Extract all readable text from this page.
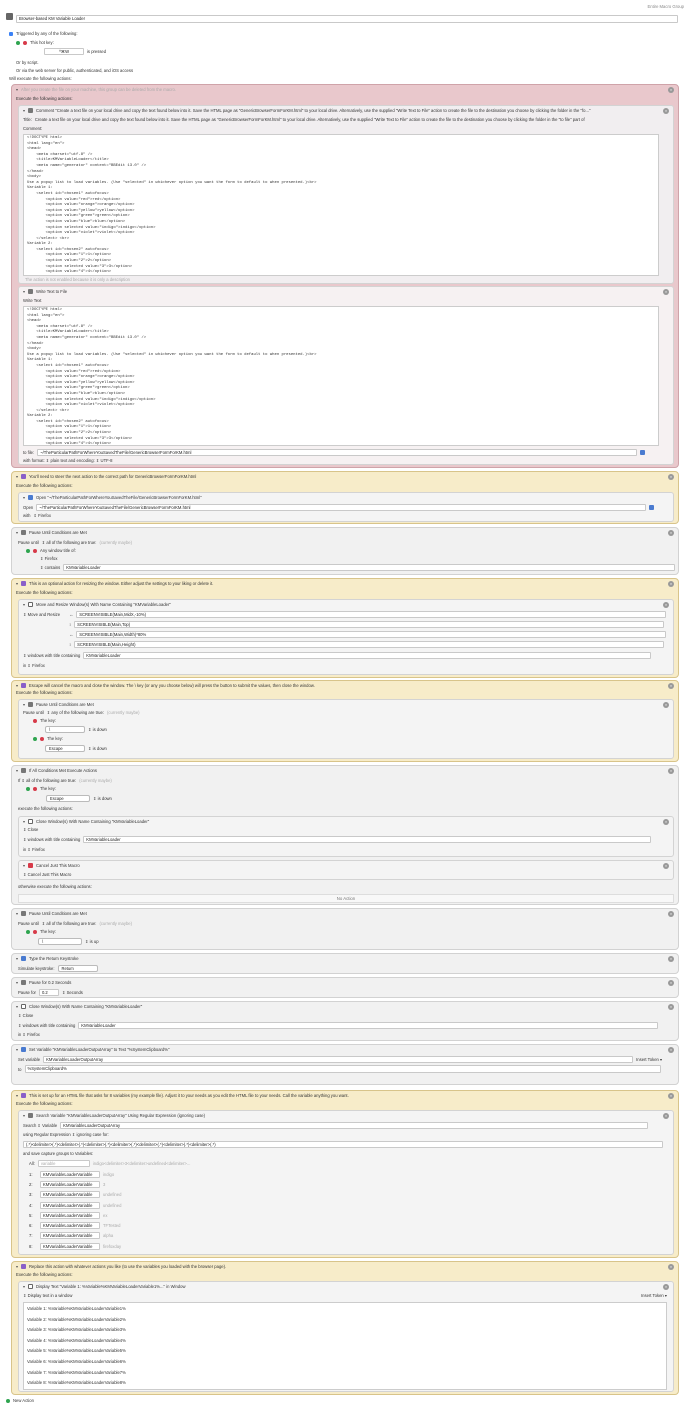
Entire Macro Group
Browser-based KM Variable Loader
Triggered by any of the following:
This hot key:
^⌘W	is pressed
Or by script.
Or via the web server for public, authenticated, and iOS access
Will execute the following actions:
▾ After you create the file on your machine, this group can be deleted from the macro.	×
Execute the following actions:
▾	Comment "Create a text file on your local drive and copy the text found below into it. Save the HTML page as "GenericBrowserFormForKM.html" to your local drive. Alternatively, use the supplied "Write Text to File" action to create the file to the destination you choose by clicking the folder in the "fo..."	×
Title: Create a text file on your local drive and copy the text found below into it. Save the HTML page as "GenericBrowserFormForKM.html" to your local drive. Alternatively, use the supplied "Write Text to File" action to create the file to the destination you choose by clicking the folder in the "to file" part of
Comment:
<!DOCTYPE html>
<html lang="en">
<head>
<meta charset="utf-8" />
<title>KMVariableLoader</title>
<meta name="generator" content="BBEdit 13.0" />
</head>
<body>
Use a popup list to load variables. (Use "selected" in whichever option you want the form to default to when presented.)<br>
Variable 1:
<select id="chosen1" autofocus>
<option value="red">red</option>
<option value="orange">orange</option>
<option value="yellow">yellow</option>
<option value="green">green</option>
<option value="blue">blue</option>
<option selected value="indigo">indigo</option>
<option value="violet">violet</option>
</select> <br>
Variable 2:
<select id="chosen2" autofocus>
<option value="1">1</option>
<option value="2">2</option>
<option selected value="3">3</option>
<option value="4">4</option>
The action is not enabled because it is only a description
▾	Write Text to File	×
Write Text
<!DOCTYPE html>
<html lang="en">
<head>
<meta charset="utf-8" />
<title>KMVariableLoader</title>
<meta name="generator" content="BBEdit 13.0" />
</head>
<body>
Use a popup list to load variables. (Use "selected" in whichever option you want the form to default to when presented.)<br>
Variable 1:
<select id="chosen1" autofocus>
<option value="red">red</option>
<option value="orange">orange</option>
<option value="yellow">yellow</option>
<option value="green">green</option>
<option value="blue">blue</option>
<option selected value="indigo">indigo</option>
<option value="violet">violet</option>
</select> <br>
Variable 2:
<select id="chosen2" autofocus>
<option value="1">1</option>
<option value="2">2</option>
<option selected value="3">3</option>
<option value="4">4</option>
to file:	~/TheParticularPathForWhereYouSavedTheFile/GenericBrowserFormForKM.html
with format: ⇕ plain text and encoding: ⇕ UTF-8
▾	You'll need to steer the next action to the correct path for GenericBrowserFormForKM.html	×
Execute the following actions:
▾	Open "~/TheParticularPathForWhereYouSavedTheFile/GenericBrowserFormForKM.html"
Open	~/TheParticularPathForWhereYouSavedTheFile/GenericBrowserFormForKM.html
with ⇕ Firefox
▾	Pause Until Conditions are Met	×
Pause until ⇕ all of the following are true: (currently maybe)
Any window title of:
⇕ Firefox
⇕ contains	KMVariableLoader
▾	This is an optional action for resizing the window. Either adjust the settings to your liking or delete it.	×
Execute the following actions:
▾	Move and Resize Window(s) With Name Containing "KMVariableLoader"	×
⇕ Move and Resize ↔	SCREENVISIBLE(Main,MidX,-10%)
↕	SCREENVISIBLE(Main,Top)
↔	SCREENVISIBLE(Main,Width)*80%
↕	SCREENVISIBLE(Main,Height)
⇕ windows with title containing	KMVariableLoader
in ⇕ Firefox
▾	Escape will cancel the macro and close the window. The \ key (or any you choose below) will press the button to submit the values, then close the window.	×
Execute the following actions:
▾	Pause Until Conditions are Met	×
Pause until ⇕ any of the following are true: (currently maybe)
The key:
\	⇕ is down
The key:
Escape	⇕ is down
▾	If All Conditions Met Execute Actions	×
If ⇕ all of the following are true: (currently maybe)
The key:
Escape	⇕ is down
execute the following actions:
▾	Close Window(s) With Name Containing "KMVariableLoader"	×
⇕ Close
⇕ windows with title containing	KMVariableLoader
in ⇕ Firefox
▾	Cancel Just This Macro	×
⇕ Cancel Just This Macro
otherwise execute the following actions:
No Action
▾	Pause Until Conditions are Met	×
Pause until ⇕ all of the following are true: (currently maybe)
The key:
\	⇕ is up
▾	Type the Return Keystroke	×
Simulate keystroke:	Return
▾	Pause for 0.2 Seconds	×
Pause for	0.2	⇕ Seconds
▾	Close Window(s) With Name Containing "KMVariableLoader"	×
⇕ Close
⇕ windows with title containing	KMVariableLoader
in ⇕ Firefox
▾	Set Variable "KMVariableLoaderOutputArray" to Text "%SystemClipboard%"	×
Set variable	KMVariableLoaderOutputArray	Insert Token ▾
to	%SystemClipboard%
▾	This is set up for an HTML file that asks for 8 variables (my example file). Adjust it to your needs as you edit the HTML file to your needs. Call the variable anything you want.	×
Execute the following actions:
▾	Search Variable "KMVariableLoaderOutputArray" Using Regular Expression (ignoring case)	×
Search ⇕ Variable	KMVariableLoaderOutputArray
using Regular Expression ⇕ ignoring case for:
(.*)<delimiter>(.*)<delimiter>(.*)<delimiter>(.*)<delimiter>(.*)<delimiter>(.*)<delimiter>(.*)<delimiter>(.*)
and save capture groups to Variables:
All:	variable	indigo<delimiter>3<delimiter>undefined<delimiter>...
1:	KMVariableLoaderVariable	indigo
2:	KMVariableLoaderVariable	3
3:	KMVariableLoaderVariable	undefined
4:	KMVariableLoaderVariable	undefined
5:	KMVariableLoaderVariable	ex
6:	KMVariableLoaderVariable	TFTested
7:	KMVariableLoaderVariable	alpha
8:	KMVariableLoaderVariable	firefoxday
▾	Replace this action with whatever actions you like (to use the variables you loaded with the browser page).	×
Execute the following actions:
▾	Display Text "Variable 1: %Variable%KMVariableLoaderVariable1%..." in Window	×
⇕ Display text in a window	Insert Token ▾
Variable 1: %Variable%KMVariableLoaderVariable1%
Variable 2: %Variable%KMVariableLoaderVariable2%
Variable 3: %Variable%KMVariableLoaderVariable3%
Variable 4: %Variable%KMVariableLoaderVariable4%
Variable 5: %Variable%KMVariableLoaderVariable5%
Variable 6: %Variable%KMVariableLoaderVariable6%
Variable 7: %Variable%KMVariableLoaderVariable7%
Variable 8: %Variable%KMVariableLoaderVariable8%
New Action
